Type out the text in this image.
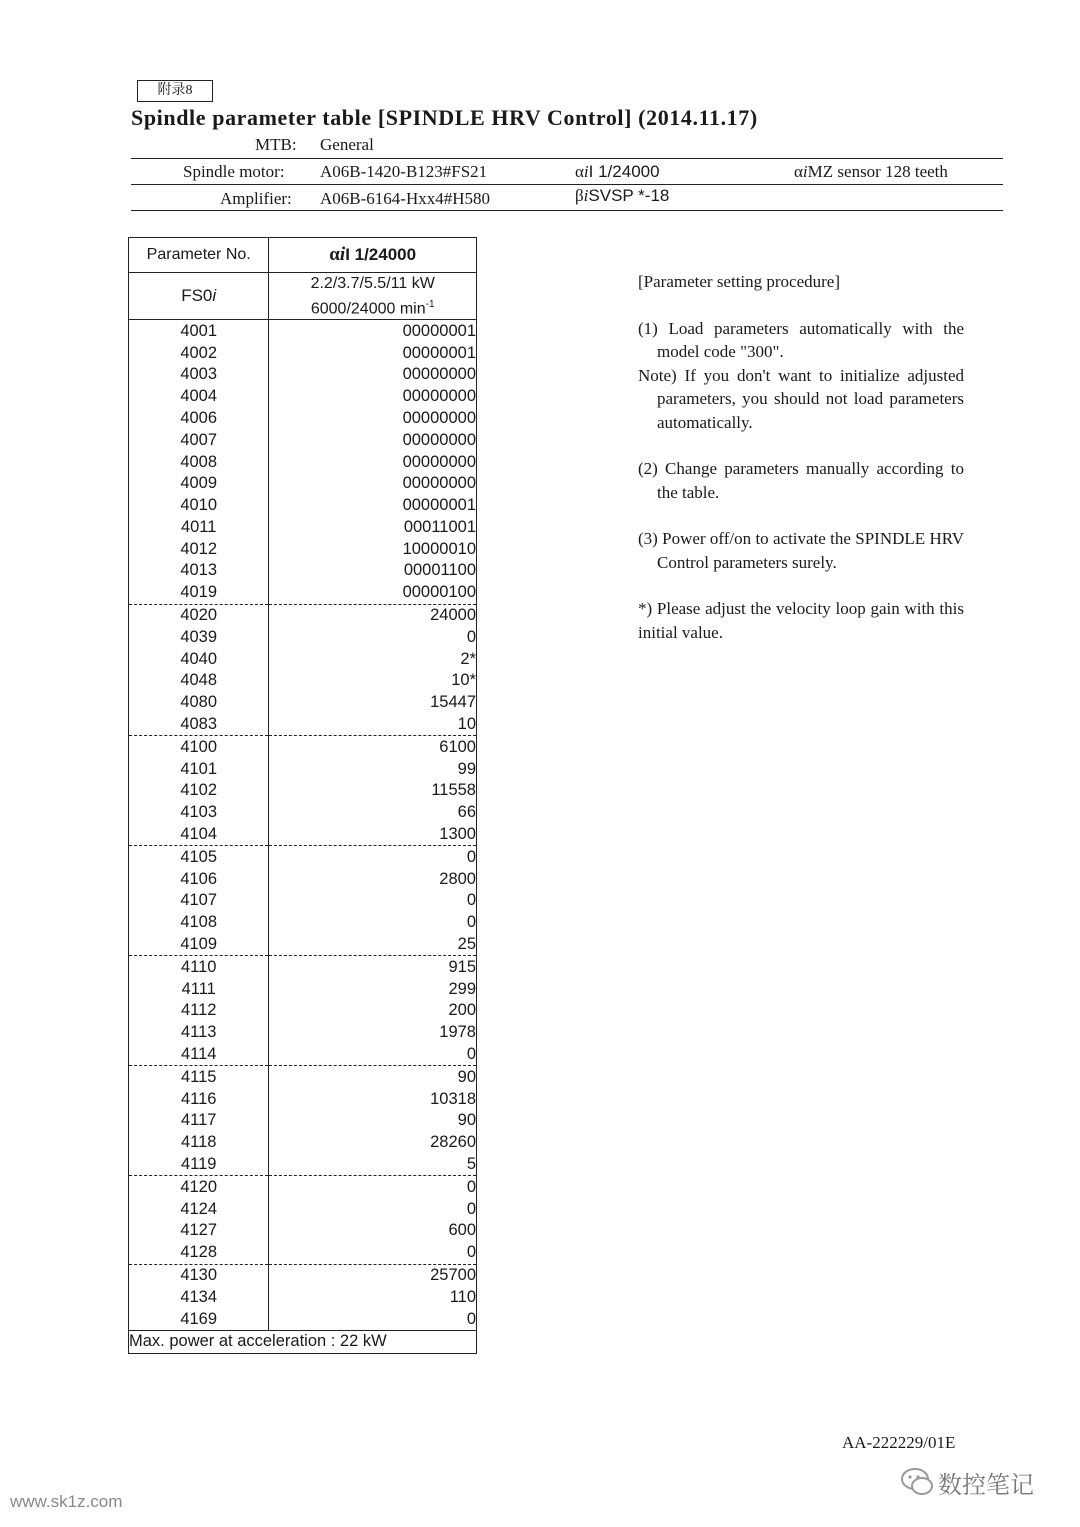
附录8
Spindle parameter table [SPINDLE HRV Control] (2014.11.17)
MTB: General
Spindle motor: A06B-1420-B123#FS21	αiI 1/24000	αiMZ sensor 128 teeth
Amplifier: A06B-6164-Hxx4#H580	βiSVSP *-18
Parameter No.	αiI 1/24000
FS0i	2.2/3.7/5.5/11 kW
6000/24000 $\min^{-1}$

4001	00000001
4002	00000001
4003	00000000
4004	00000000
4006	00000000
4007	00000000
4008	00000000
4009	00000000
4010	00000001
4011	00011001
4012	10000010
4013	00001100
4019	00000100
4020	24000
4039	0
4040	2*
4048	10*
4080	15447
4083	10
4100	6100
4101	99
4102	11558
4103	66
4104	1300
4105	0
4106	2800
4107	0
4108	0
4109	25
4110	915
4111	299
4112	200
4113	1978
4114	0
4115	90
4116	10318
4117	90
4118	28260
4119	5
4120	0
4124	0
4127	600
4128	0
4130	25700
4134	110
4169	0
Max. power at acceleration : 22 kW	

[Parameter setting procedure]

(1) Load parameters automatically with the model code "300".

Note) If you don't want to initialize adjusted parameters, you should not load parameters automatically.

(2) Change parameters manually according to the table.

(3) Power off/on to activate the SPINDLE HRV Control parameters surely.

*) Please adjust the velocity loop gain with this initial value.

AA-222229/01E
www.sk1z.com
数控笔记
